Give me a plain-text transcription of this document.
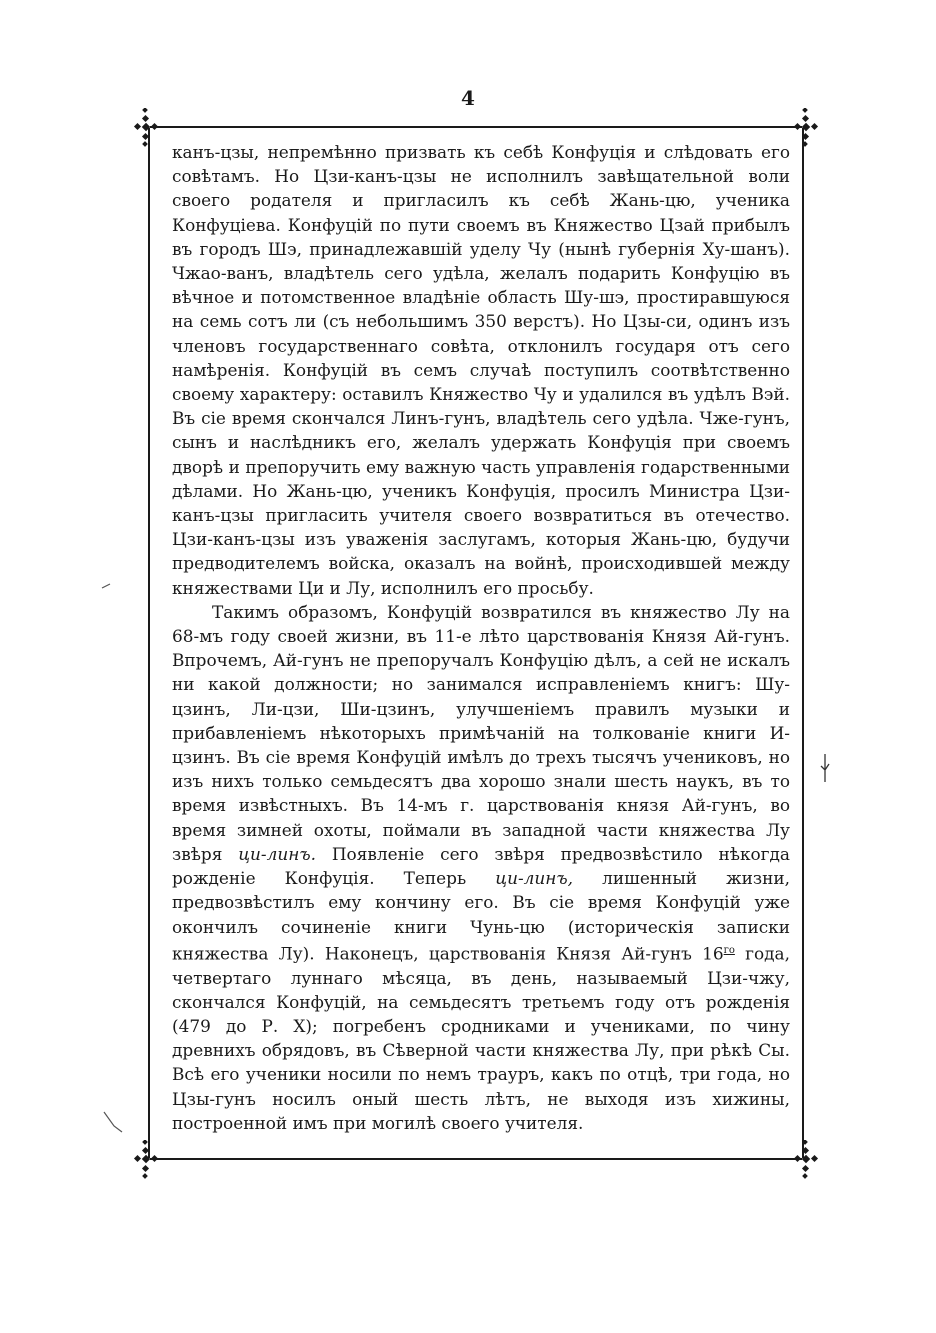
4

канъ-цзы, непремѣнно призвать къ себѣ Конфуція и слѣдовать его совѣтамъ. Но Цзи-канъ-цзы не исполнилъ завѣщательной воли своего родателя и пригласилъ къ себѣ Жань-цю, ученика Конфуціева. Конфуцій по пути своемъ въ Княжество Цзай прибылъ въ городъ Шэ, принадлежавшій уделу Чу (нынѣ губернія Ху-шанъ). Чжао-ванъ, владѣтель сего удѣла, желалъ подарить Конфуцію въ вѣчное и потомственное владѣніе область Шу-шэ, простиравшуюся на семь сотъ ли (съ небольшимъ 350 верстъ). Но Цзы-си, одинъ изъ членовъ государственнаго совѣта, отклонилъ государя отъ сего намѣренія. Конфуцій въ семъ случаѣ поступилъ соотвѣтственно своему характеру: оставилъ Княжество Чу и удалился въ удѣлъ Вэй. Въ сіе время скончался Линъ-гунъ, владѣтель сего удѣла. Чже-гунъ, сынъ и наслѣдникъ его, желалъ удержать Конфуція при своемъ дворѣ и препоручить ему важную часть управленія годарственными дѣлами. Но Жань-цю, ученикъ Конфуція, просилъ Министра Цзи-канъ-цзы пригласить учителя своего возвратиться въ отечество. Цзи-канъ-цзы изъ уваженія заслугамъ, которыя Жань-цю, будучи предводителемъ войска, оказалъ на войнѣ, происходившей между княжествами Ци и Лу, исполнилъ его просьбу.

Такимъ образомъ, Конфуцій возвратился въ княжество Лу на 68-мъ году своей жизни, въ 11-е лѣто царствованія Князя Ай-гунъ. Впрочемъ, Ай-гунъ не препоручалъ Конфуцію дѣлъ, а сей не искалъ ни какой должности; но занимался исправленіемъ книгъ: Шу-цзинъ, Ли-цзи, Ши-цзинъ, улучшеніемъ правилъ музыки и прибавленіемъ нѣкоторыхъ примѣчаній на толкованіе книги И-цзинъ. Въ сіе время Конфуцій имѣлъ до трехъ тысячъ учениковъ, но изъ нихъ только семьдесятъ два хорошо знали шесть наукъ, въ то время извѣстныхъ. Въ 14-мъ г. царствованія князя Ай-гунъ, во время зимней охоты, поймали въ западной части княжества Лу звѣря ци-линъ. Появленіе сего звѣря предвозвѣстило нѣкогда рожденіе Конфуція. Теперь ци-линъ, лишенный жизни, предвозвѣстилъ ему кончину его. Въ сіе время Конфуцій уже окончилъ сочиненіе книги Чунь-цю (историческія записки княжества Лу). Наконецъ, царствованія Князя Ай-гунъ $16^{го}$ года, четвертаго луннаго мѣсяца, въ день, называемый Цзи-чжу, скончался Конфуцій, на семьдесятъ третьемъ году отъ рожденія (479 до Р. Х); погребенъ сродниками и учениками, по чину древнихъ обрядовъ, въ Сѣверной части княжества Лу, при рѣкѣ Сы. Всѣ его ученики носили по немъ трауръ, какъ по отцѣ, три года, но Цзы-гунъ носилъ оный шесть лѣтъ, не выходя изъ хижины, построенной имъ при могилѣ своего учителя.
